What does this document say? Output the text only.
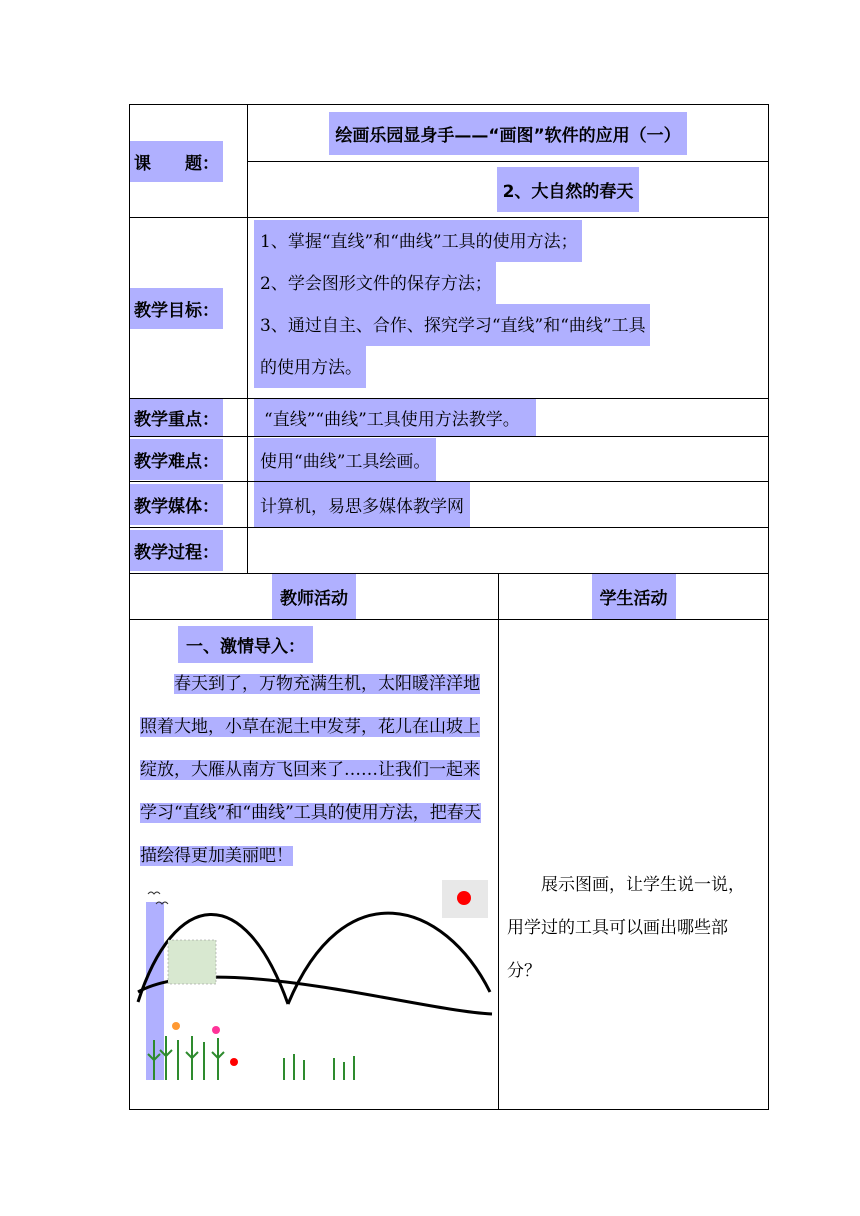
课　　题：	绘画乐园显身手——“画图”软件的应用（一）	
	2、大自然的春天	
教学目标：	1、掌握“直线”和“曲线”工具的使用方法；
2、学会图形文件的保存方法；
3、通过自主、合作、探究学习“直线”和“曲线”工具
的使用方法。	

教学重点：	“直线”“曲线”工具使用方法教学。	
教学难点：	使用“曲线”工具绘画。	
教学媒体：	计算机，易思多媒体教学网	
教学过程：		
教师活动		学生活动

一、激情导入：

春天到了，万物充满生机，太阳暖洋洋地照着大地，小草在泥土中发芽，花儿在山坡上绽放，大雁从南方飞回来了……让我们一起来学习“直线”和“曲线”工具的使用方法，把春天描绘得更加美丽吧！		展示图画，让学生说一说，用学过的工具可以画出哪些部分？
